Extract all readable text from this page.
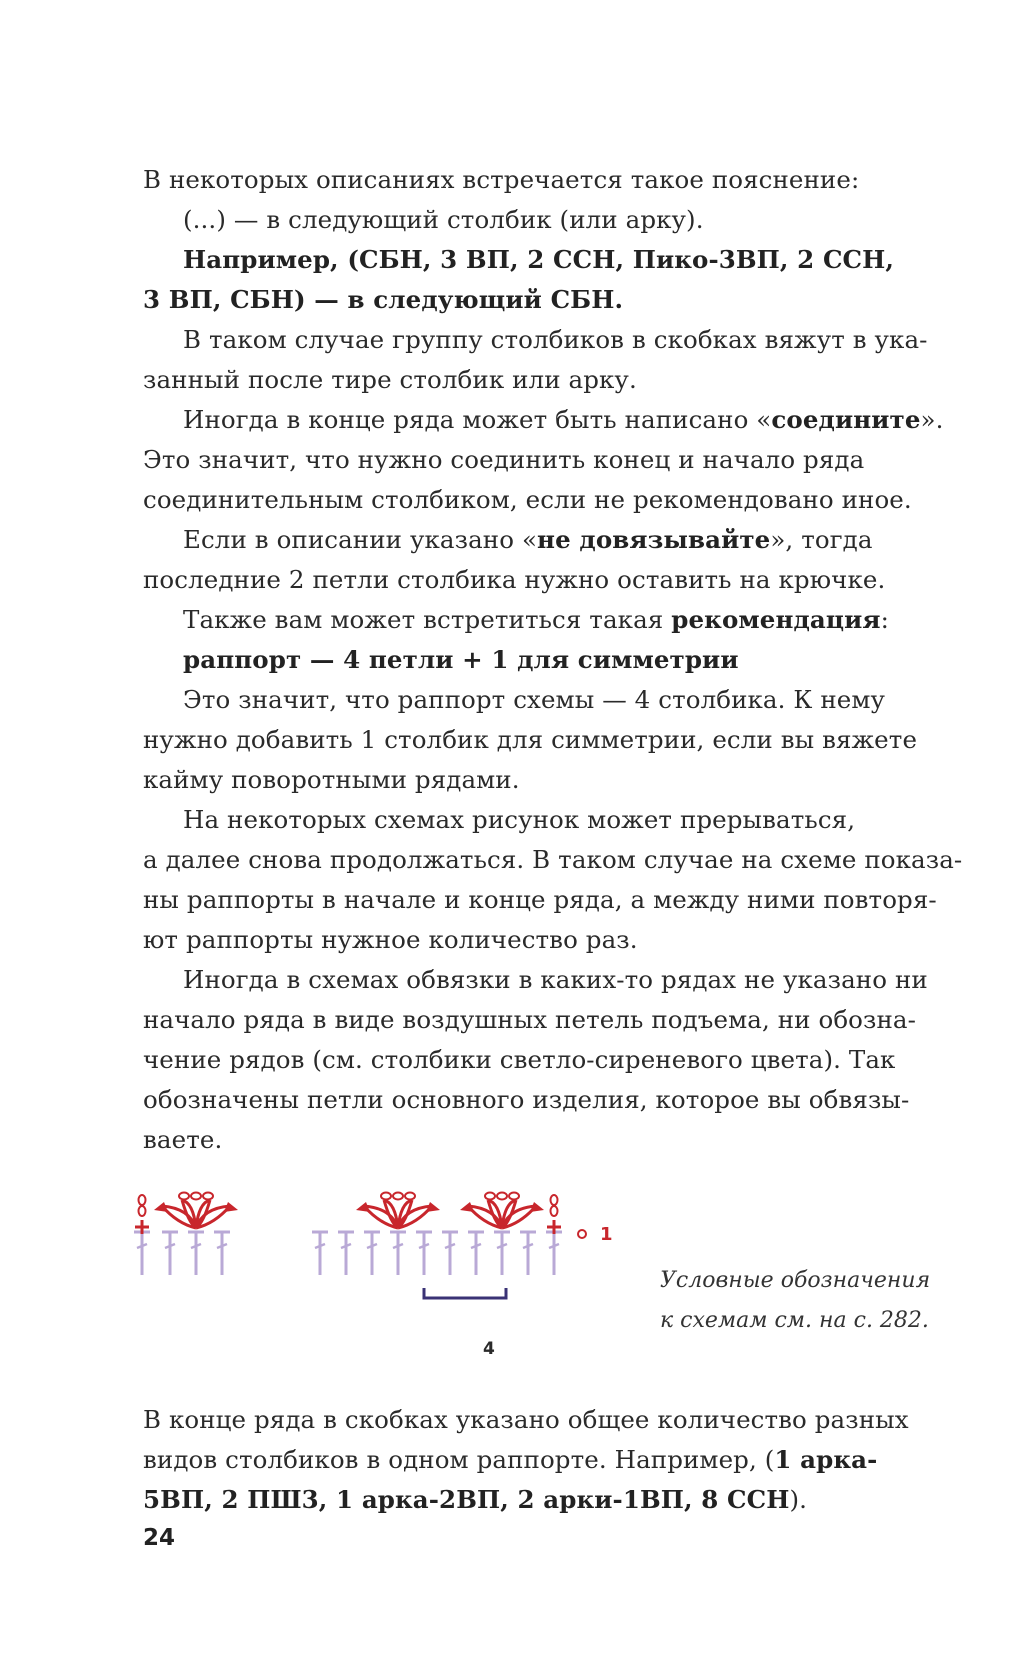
В некоторых описаниях встречается такое пояснение:
(...) — в следующий столбик (или арку).
Например, (СБН, 3 ВП, 2 ССН, Пико-3ВП, 2 ССН,
3 ВП, СБН) — в следующий СБН.
В таком случае группу столбиков в скобках вяжут в ука-
занный после тире столбик или арку.
Иногда в конце ряда может быть написано «соедините».
Это значит, что нужно соединить конец и начало ряда
соединительным столбиком, если не рекомендовано иное.
Если в описании указано «не довязывайте», тогда
последние 2 петли столбика нужно оставить на крючке.
Также вам может встретиться такая рекомендация:
раппорт — 4 петли + 1 для симметрии
Это значит, что раппорт схемы — 4 столбика. К нему
нужно добавить 1 столбик для симметрии, если вы вяжете
кайму поворотными рядами.
На некоторых схемах рисунок может прерываться,
а далее снова продолжаться. В таком случае на схеме показа-
ны раппорты в начале и конце ряда, а между ними повторя-
ют раппорты нужное количество раз.
Иногда в схемах обвязки в каких-то рядах не указано ни
начало ряда в виде воздушных петель подъема, ни обозна-
чение рядов (см. столбики светло-сиреневого цвета). Так
обозначены петли основного изделия, которое вы обвязы-
ваете.
В конце ряда в скобках указано общее количество разных
видов столбиков в одном раппорте. Например, (1 арка-
5ВП, 2 ПШ3, 1 арка-2ВП, 2 арки-1ВП, 8 ССН).
1
4
Условные обозначения
к схемам см. на с. 282.
24
